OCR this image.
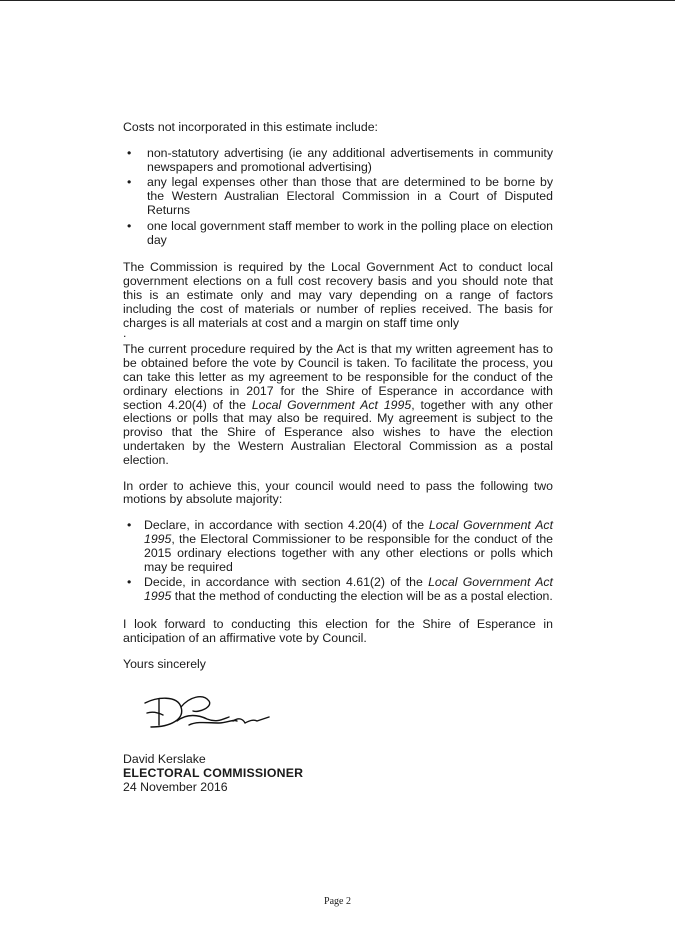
Costs not incorporated in this estimate include:

• non-statutory advertising (ie any additional advertisements in community newspapers and promotional advertising)
• any legal expenses other than those that are determined to be borne by the Western Australian Electoral Commission in a Court of Disputed Returns
• one local government staff member to work in the polling place on election day

The Commission is required by the Local Government Act to conduct local government elections on a full cost recovery basis and you should note that this is an estimate only and may vary depending on a range of factors including the cost of materials or number of replies received. The basis for charges is all materials at cost and a margin on staff time only

.

The current procedure required by the Act is that my written agreement has to be obtained before the vote by Council is taken. To facilitate the process, you can take this letter as my agreement to be responsible for the conduct of the ordinary elections in 2017 for the Shire of Esperance in accordance with section 4.20(4) of the Local Government Act 1995, together with any other elections or polls that may also be required. My agreement is subject to the proviso that the Shire of Esperance also wishes to have the election undertaken by the Western Australian Electoral Commission as a postal election.

In order to achieve this, your council would need to pass the following two motions by absolute majority:

• Declare, in accordance with section 4.20(4) of the Local Government Act 1995, the Electoral Commissioner to be responsible for the conduct of the 2015 ordinary elections together with any other elections or polls which may be required
• Decide, in accordance with section 4.61(2) of the Local Government Act 1995 that the method of conducting the election will be as a postal election.

I look forward to conducting this election for the Shire of Esperance in anticipation of an affirmative vote by Council.

Yours sincerely

David Kerslake

ELECTORAL COMMISSIONER

24 November 2016

Page 2
